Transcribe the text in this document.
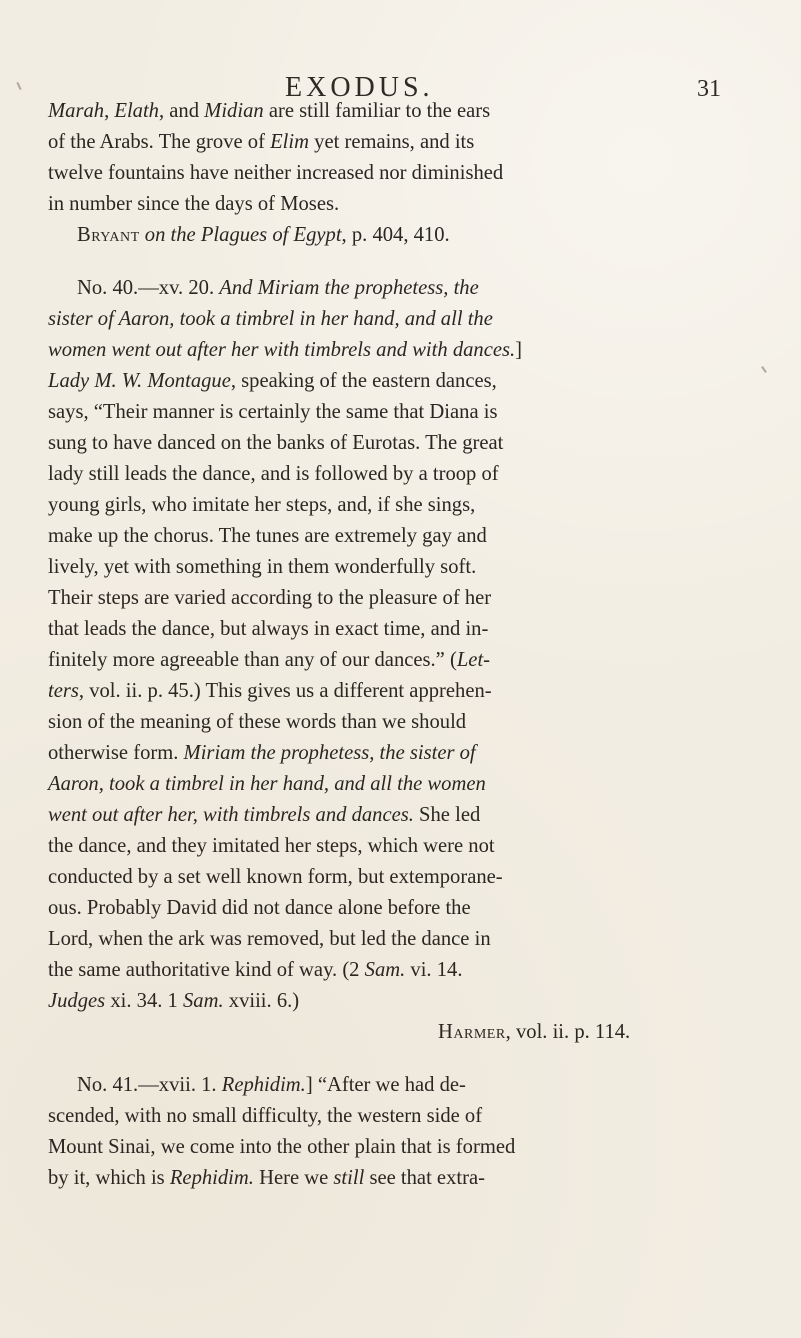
EXODUS.	31
Marah, Elath, and Midian are still familiar to the ears
of the Arabs. The grove of Elim yet remains, and its
twelve fountains have neither increased nor diminished
in number since the days of Moses.
Bryant on the Plagues of Egypt, p. 404, 410.
No. 40.—xv. 20. And Miriam the prophetess, the
sister of Aaron, took a timbrel in her hand, and all the
women went out after her with timbrels and with dances.]
Lady M. W. Montague, speaking of the eastern dances,
says, “Their manner is certainly the same that Diana is
sung to have danced on the banks of Eurotas. The great
lady still leads the dance, and is followed by a troop of
young girls, who imitate her steps, and, if she sings,
make up the chorus. The tunes are extremely gay and
lively, yet with something in them wonderfully soft.
Their steps are varied according to the pleasure of her
that leads the dance, but always in exact time, and in-
finitely more agreeable than any of our dances.” (Let-
ters, vol. ii. p. 45.) This gives us a different apprehen-
sion of the meaning of these words than we should
otherwise form. Miriam the prophetess, the sister of
Aaron, took a timbrel in her hand, and all the women
went out after her, with timbrels and dances. She led
the dance, and they imitated her steps, which were not
conducted by a set well known form, but extemporane-
ous. Probably David did not dance alone before the
Lord, when the ark was removed, but led the dance in
the same authoritative kind of way. (2 Sam. vi. 14.
Judges xi. 34. 1 Sam. xviii. 6.)
Harmer, vol. ii. p. 114.
No. 41.—xvii. 1. Rephidim.] “After we had de-
scended, with no small difficulty, the western side of
Mount Sinai, we come into the other plain that is formed
by it, which is Rephidim. Here we still see that extra-
